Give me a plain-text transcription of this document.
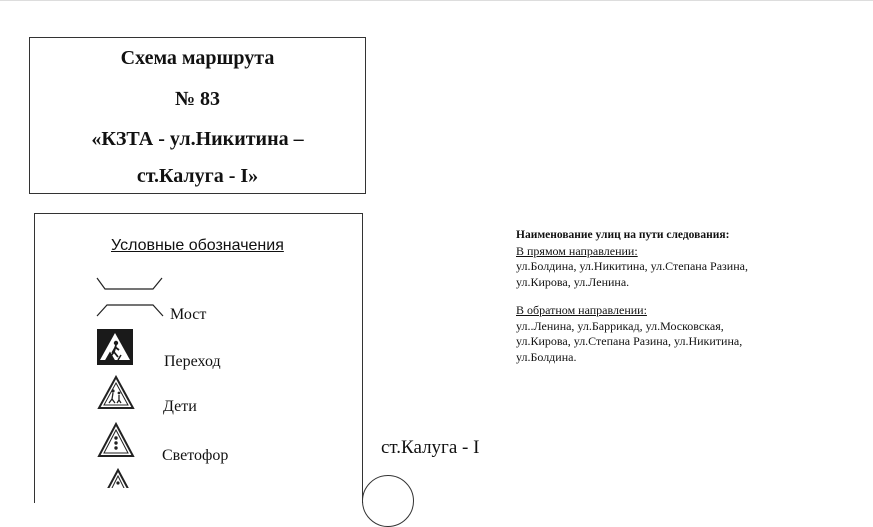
Схема маршрута
№ 83
«КЗТА - ул.Никитина –
ст.Калуга - I»
Условные обозначения
Мост
Переход
Дети
Светофор
Наименование улиц на пути следования:
В прямом направлении:
ул.Болдина, ул.Никитина, ул.Степана Разина,
ул.Кирова, ул.Ленина.
В обратном направлении:
ул..Ленина, ул.Баррикад, ул.Московская,
ул.Кирова, ул.Степана Разина, ул.Никитина,
ул.Болдина.
ст.Калуга - I
